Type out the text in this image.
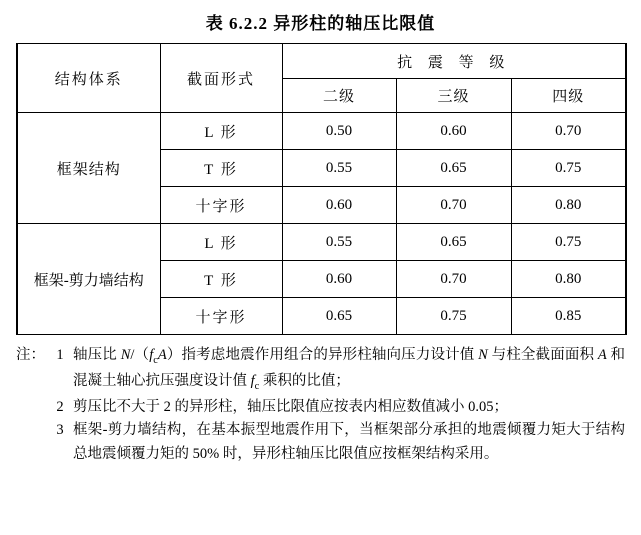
表 6.2.2 异形柱的轴压比限值
结构体系	截面形式	抗 震 等 级		
		二级	三级	四级
框架结构	L 形	0.50	0.60	0.70
	T 形	0.55	0.65	0.75
	十字形	0.60	0.70	0.80
框架-剪力墙结构	L 形	0.55	0.65	0.75
	T 形	0.60	0.70	0.80
	十字形	0.65	0.75	0.85
注： 1 轴压比 $N/(f_cA)$指考虑地震作用组合的异形柱轴向压力设计值 N 与柱全截面面积 A 和混凝土轴心抗压强度设计值 $f_c$ 乘积的比值；
2 剪压比不大于 2 的异形柱，轴压比限值应按表内相应数值减小 0.05；
3 框架-剪力墙结构，在基本振型地震作用下，当框架部分承担的地震倾覆力矩大于结构总地震倾覆力矩的 50% 时，异形柱轴压比限值应按框架结构采用。
